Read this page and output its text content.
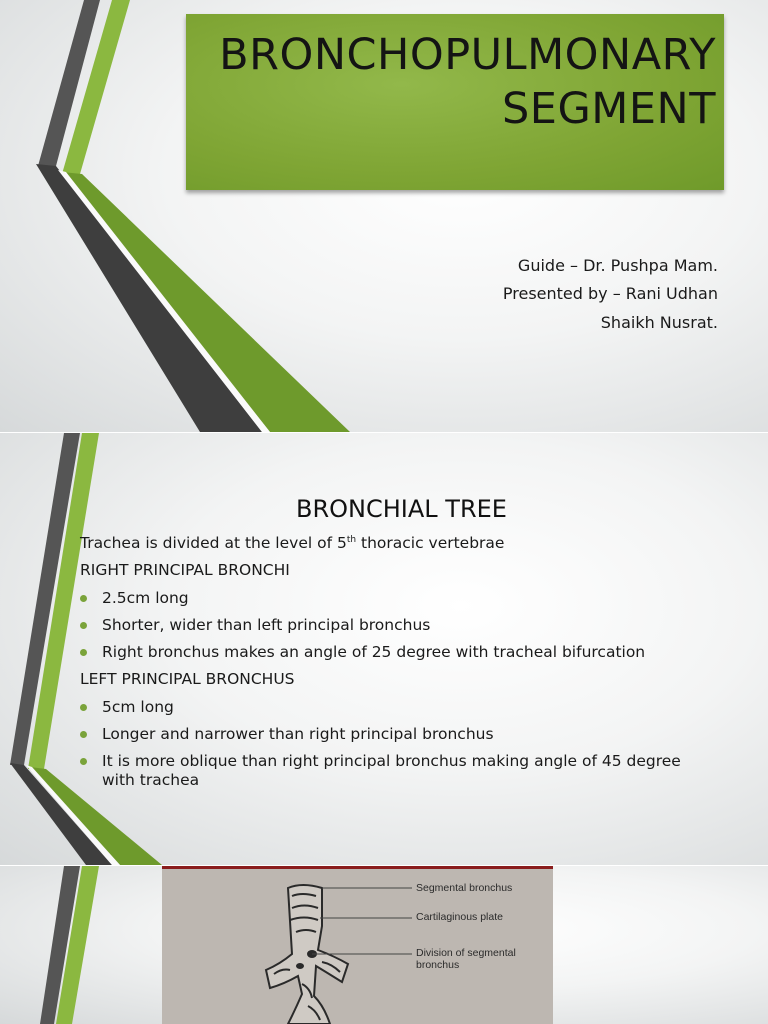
BRONCHOPULMONARY
SEGMENT
Guide – Dr. Pushpa Mam.
Presented by – Rani Udhan
Shaikh Nusrat.
BRONCHIAL TREE
Trachea is divided at the level of 5th thoracic vertebrae
RIGHT PRINCIPAL BRONCHI
2.5cm long
Shorter, wider than left principal bronchus
Right bronchus makes an angle of 25 degree with tracheal bifurcation
LEFT PRINCIPAL BRONCHUS
5cm long
Longer and narrower than right principal bronchus
It is more oblique than right principal bronchus making angle of 45 degree with trachea
Segmental bronchus
Cartilaginous plate
Division of segmental
bronchus
